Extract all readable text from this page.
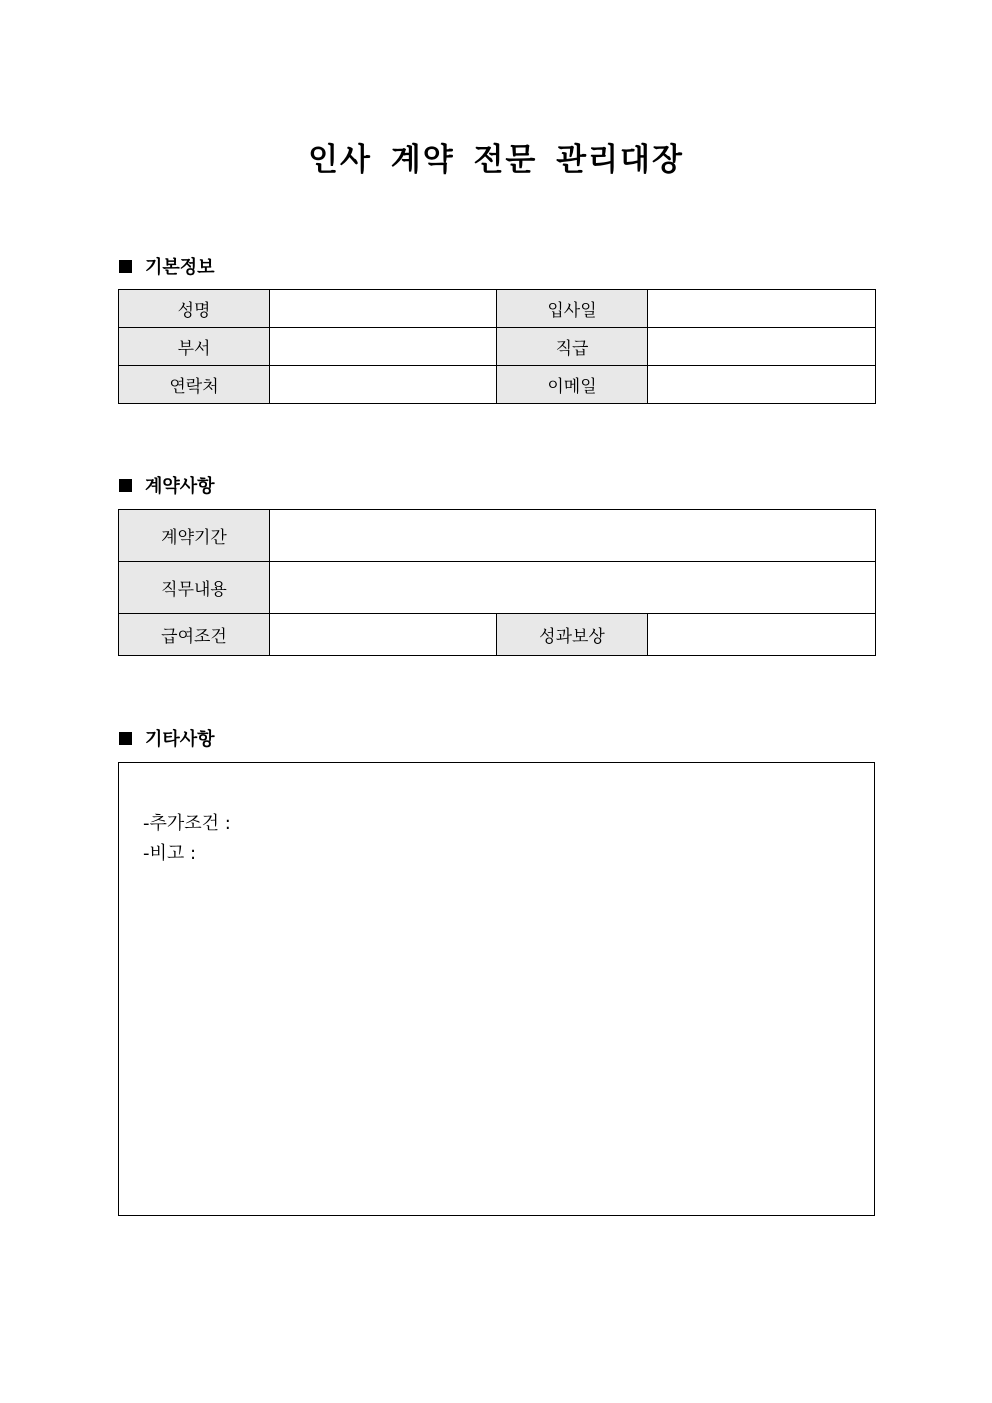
인사 계약 전문 관리대장
기본정보
성명		입사일	
부서		직급	
연락처		이메일	
계약사항
계약기간			
직무내용			
급여조건		성과보상	
기타사항
-추가조건 :
-비고 :
